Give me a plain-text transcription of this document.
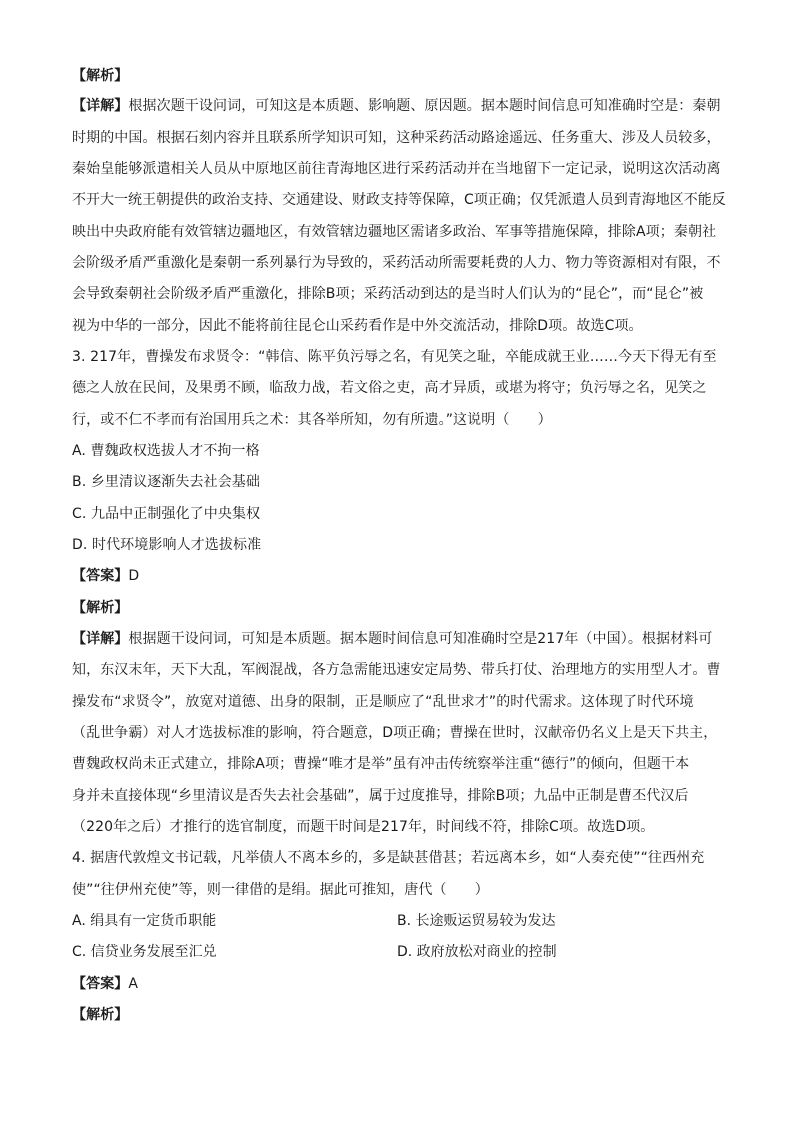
【解析】
【详解】根据次题干设问词，可知这是本质题、影响题、原因题。据本题时间信息可知准确时空是：秦朝
时期的中国。根据石刻内容并且联系所学知识可知，这种采药活动路途遥远、任务重大、涉及人员较多，
秦始皇能够派遣相关人员从中原地区前往青海地区进行采药活动并在当地留下一定记录，说明这次活动离
不开大一统王朝提供的政治支持、交通建设、财政支持等保障，C项正确；仅凭派遣人员到青海地区不能反
映出中央政府能有效管辖边疆地区，有效管辖边疆地区需诸多政治、军事等措施保障，排除A项；秦朝社
会阶级矛盾严重激化是秦朝一系列暴行为导致的，采药活动所需要耗费的人力、物力等资源相对有限，不
会导致秦朝社会阶级矛盾严重激化，排除B项；采药活动到达的是当时人们认为的“昆仑”，而“昆仑”被
视为中华的一部分，因此不能将前往昆仑山采药看作是中外交流活动，排除D项。故选C项。
3. 217年，曹操发布求贤令：“韩信、陈平负污辱之名，有见笑之耻，卒能成就王业……今天下得无有至
德之人放在民间，及果勇不顾，临敌力战，若文俗之吏，高才异质，或堪为将守；负污辱之名，见笑之
行，或不仁不孝而有治国用兵之术：其各举所知，勿有所遗。”这说明（　　）
A. 曹魏政权选拔人才不拘一格
B. 乡里清议逐渐失去社会基础
C. 九品中正制强化了中央集权
D. 时代环境影响人才选拔标准
【答案】D
【解析】
【详解】根据题干设问词，可知是本质题。据本题时间信息可知准确时空是217年（中国）。根据材料可
知，东汉末年，天下大乱，军阀混战，各方急需能迅速安定局势、带兵打仗、治理地方的实用型人才。曹
操发布“求贤令”，放宽对道德、出身的限制，正是顺应了“乱世求才”的时代需求。这体现了时代环境
（乱世争霸）对人才选拔标准的影响，符合题意，D项正确；曹操在世时，汉献帝仍名义上是天下共主，
曹魏政权尚未正式建立，排除A项；曹操“唯才是举”虽有冲击传统察举注重“德行”的倾向，但题干本
身并未直接体现“乡里清议是否失去社会基础”，属于过度推导，排除B项；九品中正制是曹丕代汉后
（220年之后）才推行的选官制度，而题干时间是217年，时间线不符，排除C项。故选D项。
4. 据唐代敦煌文书记载，凡举债人不离本乡的，多是缺甚借甚；若远离本乡，如“人奏充使”“往西州充
使”“往伊州充使”等，则一律借的是绢。据此可推知，唐代（　　）
A. 绢具有一定货币职能	B. 长途贩运贸易较为发达
C. 信贷业务发展至汇兑	D. 政府放松对商业的控制
【答案】A
【解析】
